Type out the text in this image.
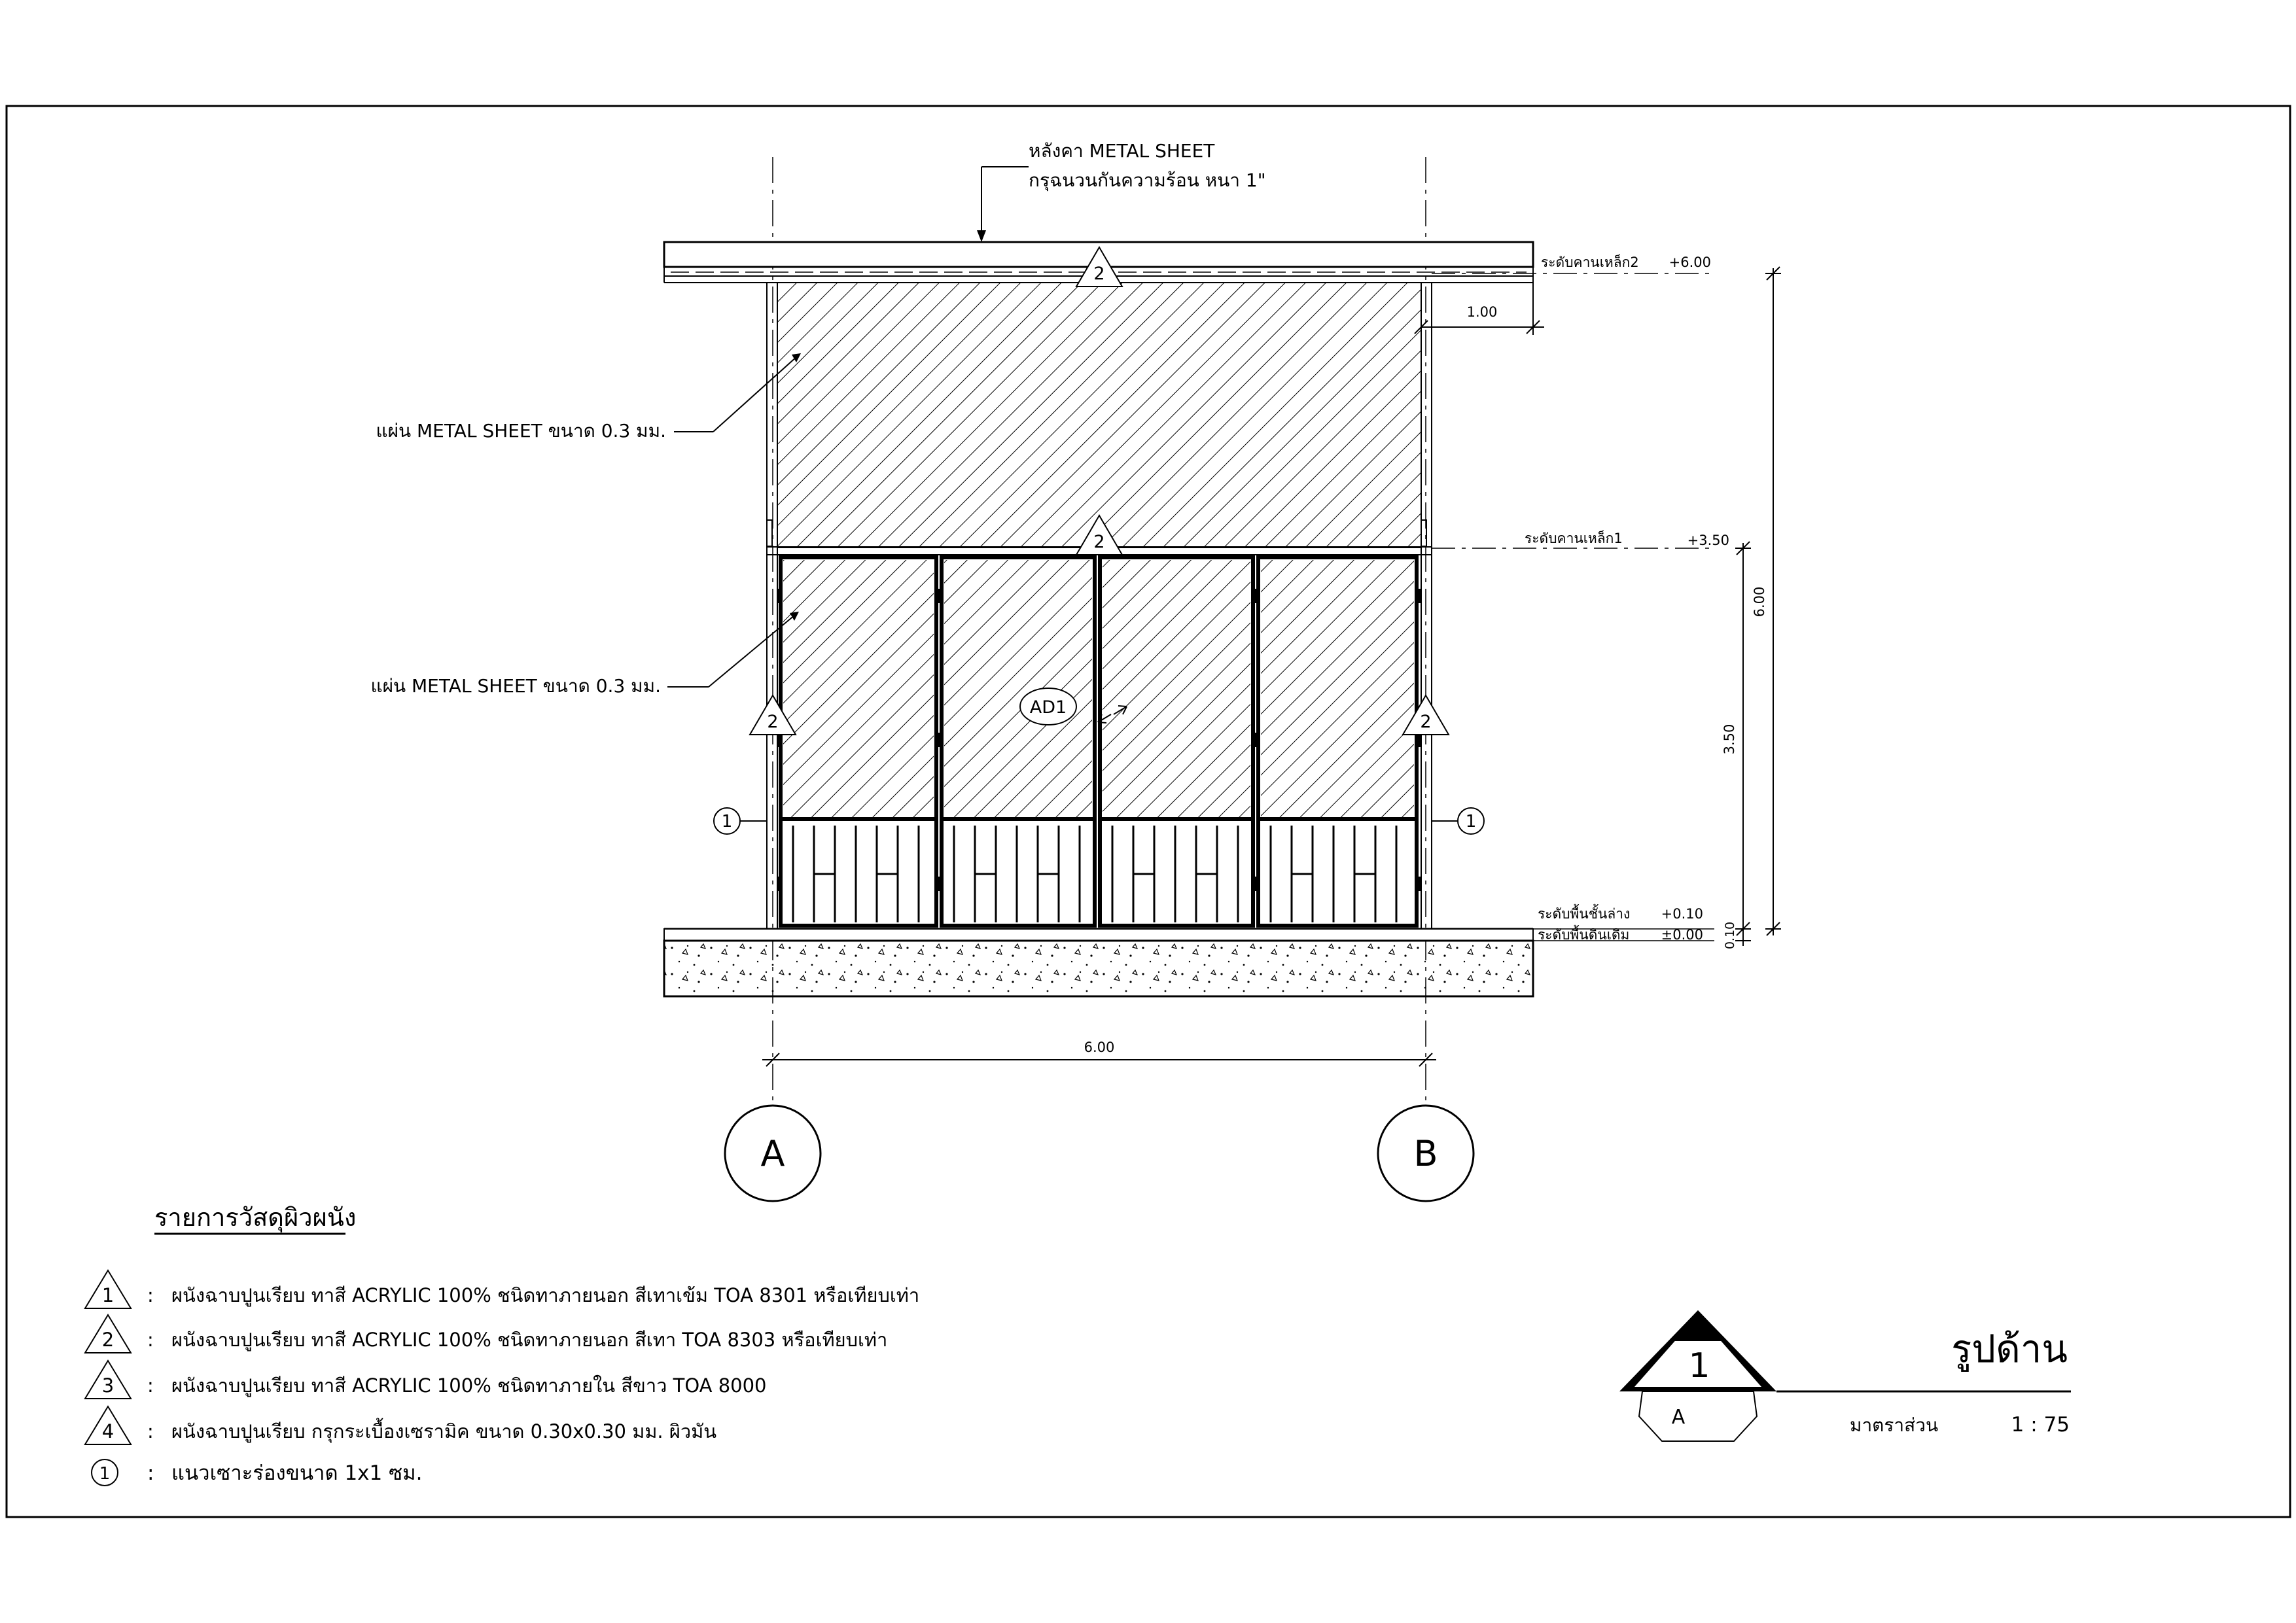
ระดับคานเหล็ก2 +6.00
ระดับคานเหล็ก1	+3.50
ระดับพื้นชั้นล่าง +0.10
ระดับพื้นดินเดิม ±0.00
6.00
3.50
0.10
1.00
6.00
A	B
หลังคา METAL SHEET
กรุฉนวนกันความร้อน หนา 1"
แผ่น METAL SHEET ขนาด 0.3 มม.
แผ่น METAL SHEET ขนาด 0.3 มม.
2
2
2	2
1	1
AD1
รายการวัสดุผิวผนัง
1 : ผนังฉาบปูนเรียบ ทาสี ACRYLIC 100% ชนิดทาภายนอก สีเทาเข้ม TOA 8301 หรือเทียบเท่า
2 : ผนังฉาบปูนเรียบ ทาสี ACRYLIC 100% ชนิดทาภายนอก สีเทา TOA 8303 หรือเทียบเท่า
3 : ผนังฉาบปูนเรียบ ทาสี ACRYLIC 100% ชนิดทาภายใน สีขาว TOA 8000
4 : ผนังฉาบปูนเรียบ กรุกระเบื้องเซรามิค ขนาด 0.30x0.30 มม. ผิวมัน
1 : แนวเซาะร่องขนาด 1x1 ซม.
1
A
รูปด้าน
มาตราส่วน	1 : 75
